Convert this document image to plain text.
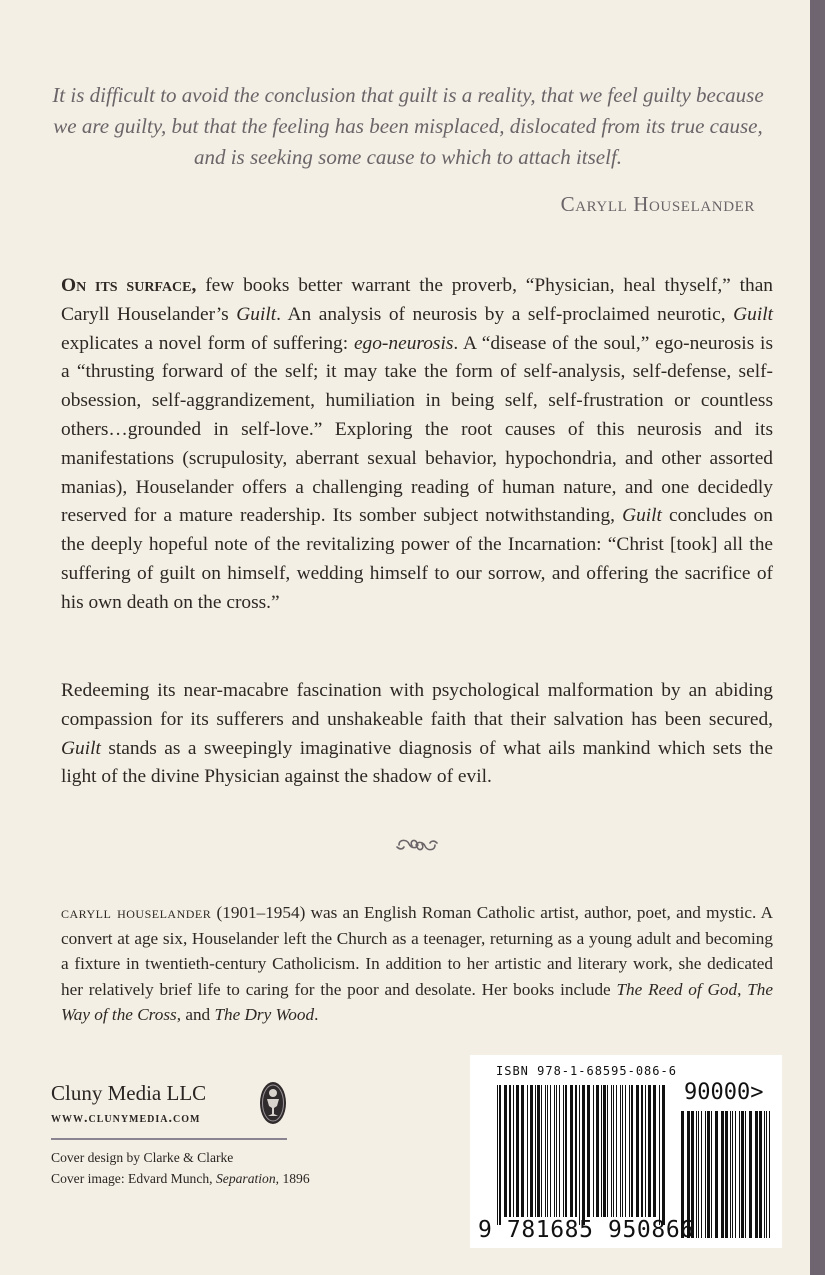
It is difficult to avoid the conclusion that guilt is a reality, that we feel guilty because we are guilty, but that the feeling has been misplaced, dislocated from its true cause, and is seeking some cause to which to attach itself.

Caryll Houselander

On its surface, few books better warrant the proverb, “Physician, heal thyself,” than Caryll Houselander’s Guilt. An analysis of neurosis by a self-proclaimed neurotic, Guilt explicates a novel form of suffering: ego-neurosis. A “disease of the soul,” ego-neurosis is a “thrusting forward of the self; it may take the form of self-analysis, self-defense, self-obsession, self-aggrandizement, humiliation in being self, self-frustration or countless others…grounded in self-love.” Exploring the root causes of this neurosis and its manifestations (scrupulosity, aberrant sexual behavior, hypochondria, and other assorted manias), Houselander offers a challenging reading of human nature, and one decidedly reserved for a mature readership. Its somber subject notwithstanding, Guilt concludes on the deeply hopeful note of the revitalizing power of the Incarnation: “Christ [took] all the suffering of guilt on himself, wedding himself to our sorrow, and offering the sacrifice of his own death on the cross.”

Redeeming its near-macabre fascination with psychological malformation by an abiding compassion for its sufferers and unshakeable faith that their salvation has been secured, Guilt stands as a sweepingly imaginative diagnosis of what ails mankind which sets the light of the divine Physician against the shadow of evil.

caryll houselander (1901–1954) was an English Roman Catholic artist, author, poet, and mystic. A convert at age six, Houselander left the Church as a teenager, returning as a young adult and becoming a fixture in twentieth-century Catholicism. In addition to her artistic and literary work, she dedicated her relatively brief life to caring for the poor and desolate. Her books include The Reed of God, The Way of the Cross, and The Dry Wood.

Cluny Media LLC
www.clunymedia.com
Cover design by Clarke & Clarke
Cover image: Edvard Munch, Separation, 1896
ISBN 978-1-68595-086-6
90000>
9 781685 950866
